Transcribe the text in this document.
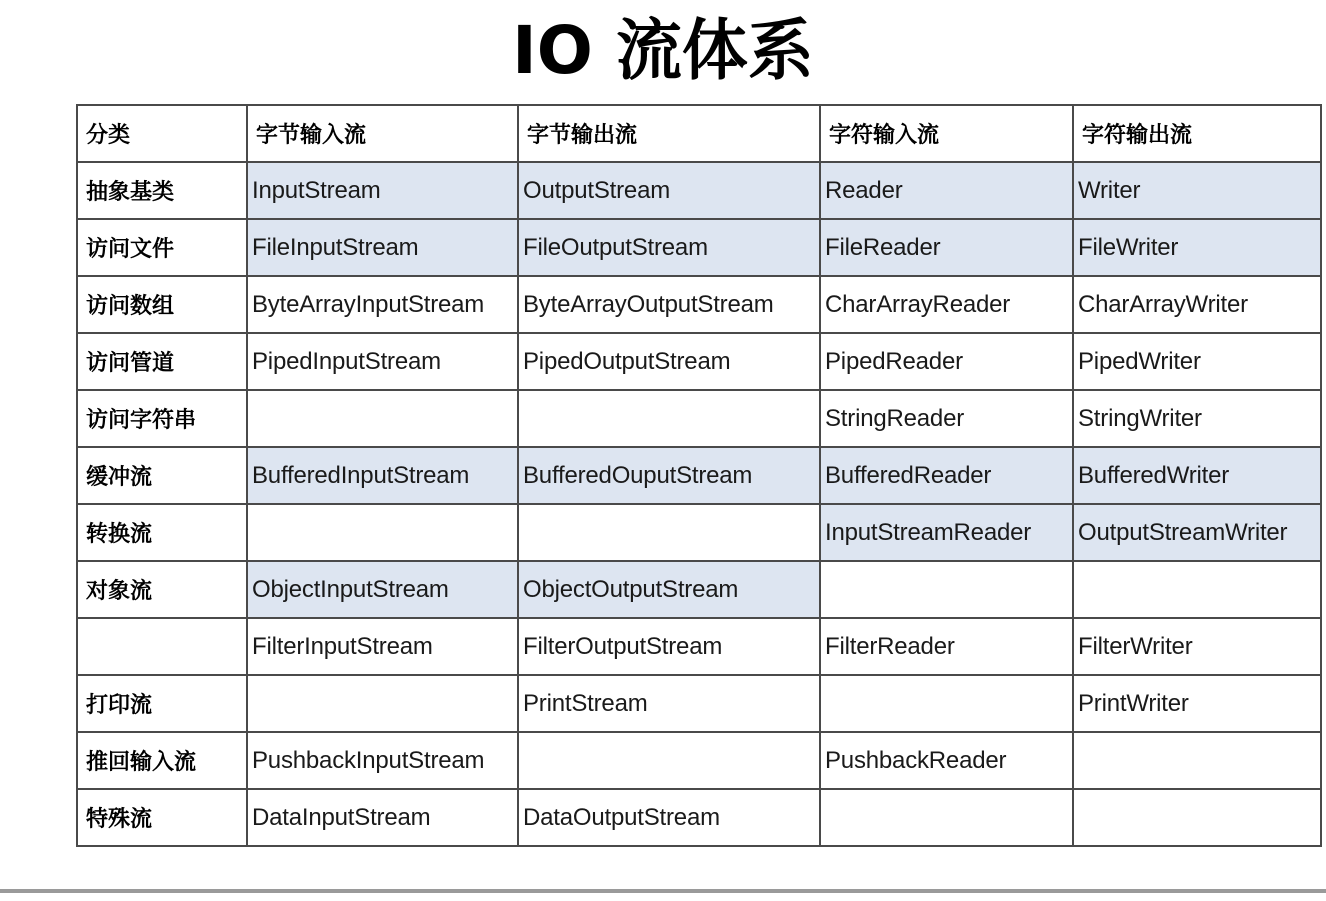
IO 流体系
分类	字节输入流	字节输出流	字符输入流	字符输出流
抽象基类	InputStream	OutputStream	Reader	Writer
访问文件	FileInputStream	FileOutputStream	FileReader	FileWriter
访问数组	ByteArrayInputStream	ByteArrayOutputStream	CharArrayReader	CharArrayWriter
访问管道	PipedInputStream	PipedOutputStream	PipedReader	PipedWriter
访问字符串			StringReader	StringWriter
缓冲流	BufferedInputStream	BufferedOuputStream	BufferedReader	BufferedWriter
转换流			InputStreamReader	OutputStreamWriter
对象流	ObjectInputStream	ObjectOutputStream		
	FilterInputStream	FilterOutputStream	FilterReader	FilterWriter
打印流		PrintStream		PrintWriter
推回输入流	PushbackInputStream		PushbackReader	
特殊流	DataInputStream	DataOutputStream		
